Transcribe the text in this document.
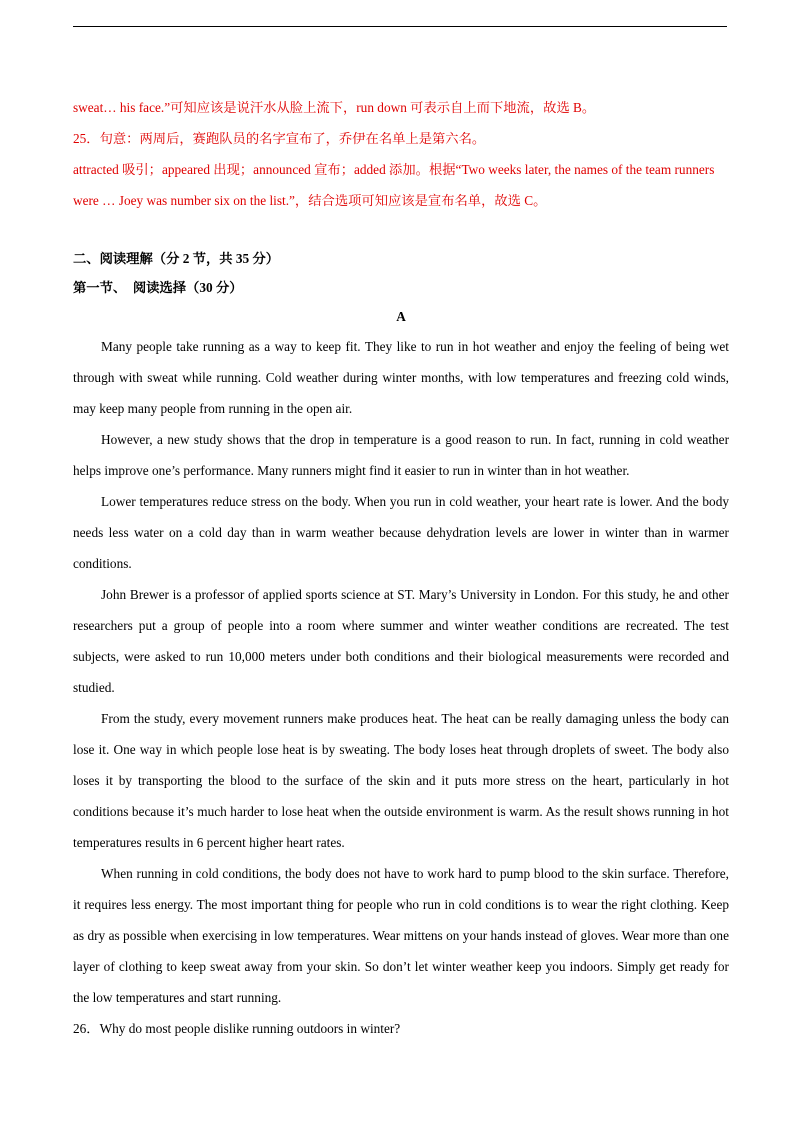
sweat… his face.”可知应该是说汗水从脸上流下，run down 可表示自上而下地流，故选 B。

25．句意：两周后，赛跑队员的名字宣布了，乔伊在名单上是第六名。

attracted 吸引；appeared 出现；announced 宣布；added 添加。根据“Two weeks later, the names of the team runners were … Joey was number six on the list.”，结合选项可知应该是宣布名单，故选 C。

二、阅读理解（分 2 节，共 35 分）

第一节、　阅读选择（30 分）

A

Many people take running as a way to keep fit. They like to run in hot weather and enjoy the feeling of being wet through with sweat while running. Cold weather during winter months, with low temperatures and freezing cold winds, may keep many people from running in the open air.

However, a new study shows that the drop in temperature is a good reason to run. In fact, running in cold weather helps improve one’s performance. Many runners might find it easier to run in winter than in hot weather.

Lower temperatures reduce stress on the body. When you run in cold weather, your heart rate is lower. And the body needs less water on a cold day than in warm weather because dehydration levels are lower in winter than in warmer conditions.

John Brewer is a professor of applied sports science at ST. Mary’s University in London. For this study, he and other researchers put a group of people into a room where summer and winter weather conditions are recreated. The test subjects, were asked to run 10,000 meters under both conditions and their biological measurements were recorded and studied.

From the study, every movement runners make produces heat. The heat can be really damaging unless the body can lose it. One way in which people lose heat is by sweating. The body loses heat through droplets of sweet. The body also loses it by transporting the blood to the surface of the skin and it puts more stress on the heart, particularly in hot conditions because it’s much harder to lose heat when the outside environment is warm. As the result shows running in hot temperatures results in 6 percent higher heart rates.

When running in cold conditions, the body does not have to work hard to pump blood to the skin surface. Therefore, it requires less energy. The most important thing for people who run in cold conditions is to wear the right clothing. Keep as dry as possible when exercising in low temperatures. Wear mittens on your hands instead of gloves. Wear more than one layer of clothing to keep sweat away from your skin. So don’t let winter weather keep you indoors. Simply get ready for the low temperatures and start running.

26．Why do most people dislike running outdoors in winter?
